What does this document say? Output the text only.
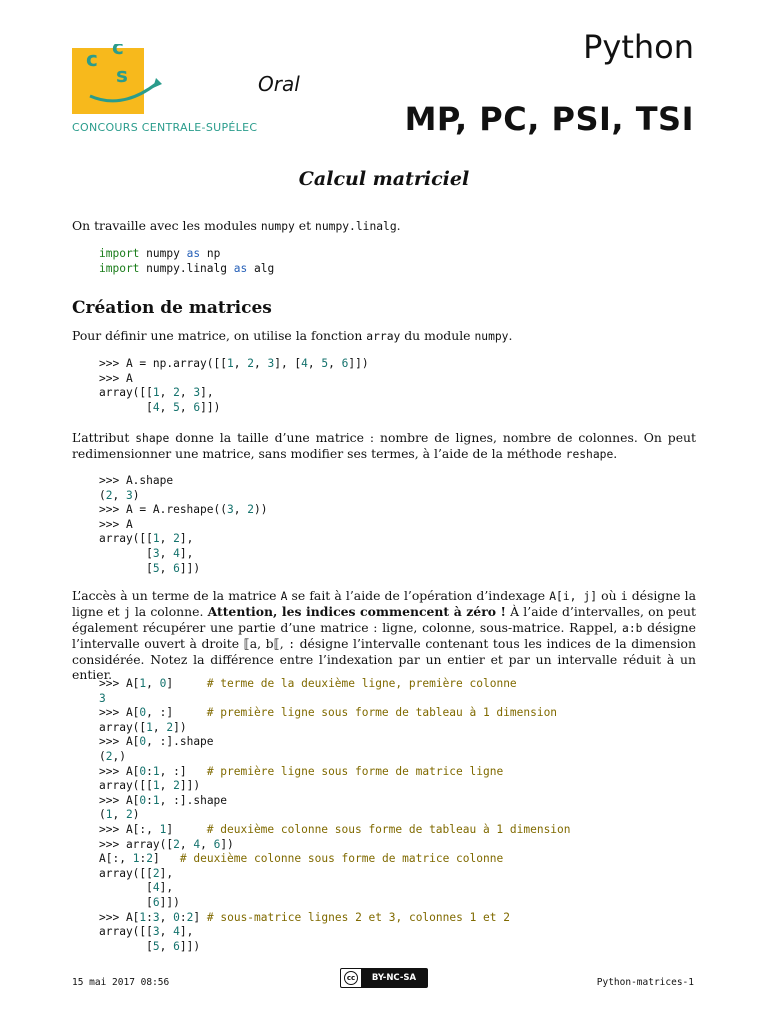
c c
s
CONCOURS CENTRALE-SUPÉLEC
Oral
Python
MP, PC, PSI, TSI
Calcul matriciel
On travaille avec les modules numpy et numpy.linalg.
import numpy as np
import numpy.linalg as alg
Création de matrices
Pour définir une matrice, on utilise la fonction array du module numpy.
>>> A = np.array([[1, 2, 3], [4, 5, 6]])
>>> A
array([[1, 2, 3],
[4, 5, 6]])
L’attribut shape donne la taille d’une matrice : nombre de lignes, nombre de colonnes. On peut redimensionner une matrice, sans modifier ses termes, à l’aide de la méthode reshape.
>>> A.shape
(2, 3)
>>> A = A.reshape((3, 2))
>>> A
array([[1, 2],
[3, 4],
[5, 6]])
L’accès à un terme de la matrice A se fait à l’aide de l’opération d’indexage A[i, j] où i désigne la ligne et j la colonne. Attention, les indices commencent à zéro ! À l’aide d’intervalles, on peut également récupérer une partie d’une matrice : ligne, colonne, sous-matrice. Rappel, a:b désigne l’intervalle ouvert à droite ⟦a, b⟦, : désigne l’intervalle contenant tous les indices de la dimension considérée. Notez la différence entre l’indexation par un entier et par un intervalle réduit à un entier.
>>> A[1, 0]     # terme de la deuxième ligne, première colonne
3
>>> A[0, :]     # première ligne sous forme de tableau à 1 dimension
array([1, 2])
>>> A[0, :].shape
(2,)
>>> A[0:1, :]   # première ligne sous forme de matrice ligne
array([[1, 2]])
>>> A[0:1, :].shape
(1, 2)
>>> A[:, 1]     # deuxième colonne sous forme de tableau à 1 dimension
>>> array([2, 4, 6])
A[:, 1:2]   # deuxième colonne sous forme de matrice colonne
array([[2],
[4],
[6]])
>>> A[1:3, 0:2] # sous-matrice lignes 2 et 3, colonnes 1 et 2
array([[3, 4],
[5, 6]])
15 mai 2017 08:56	cc	BY-NC-SA	Python-matrices-1
